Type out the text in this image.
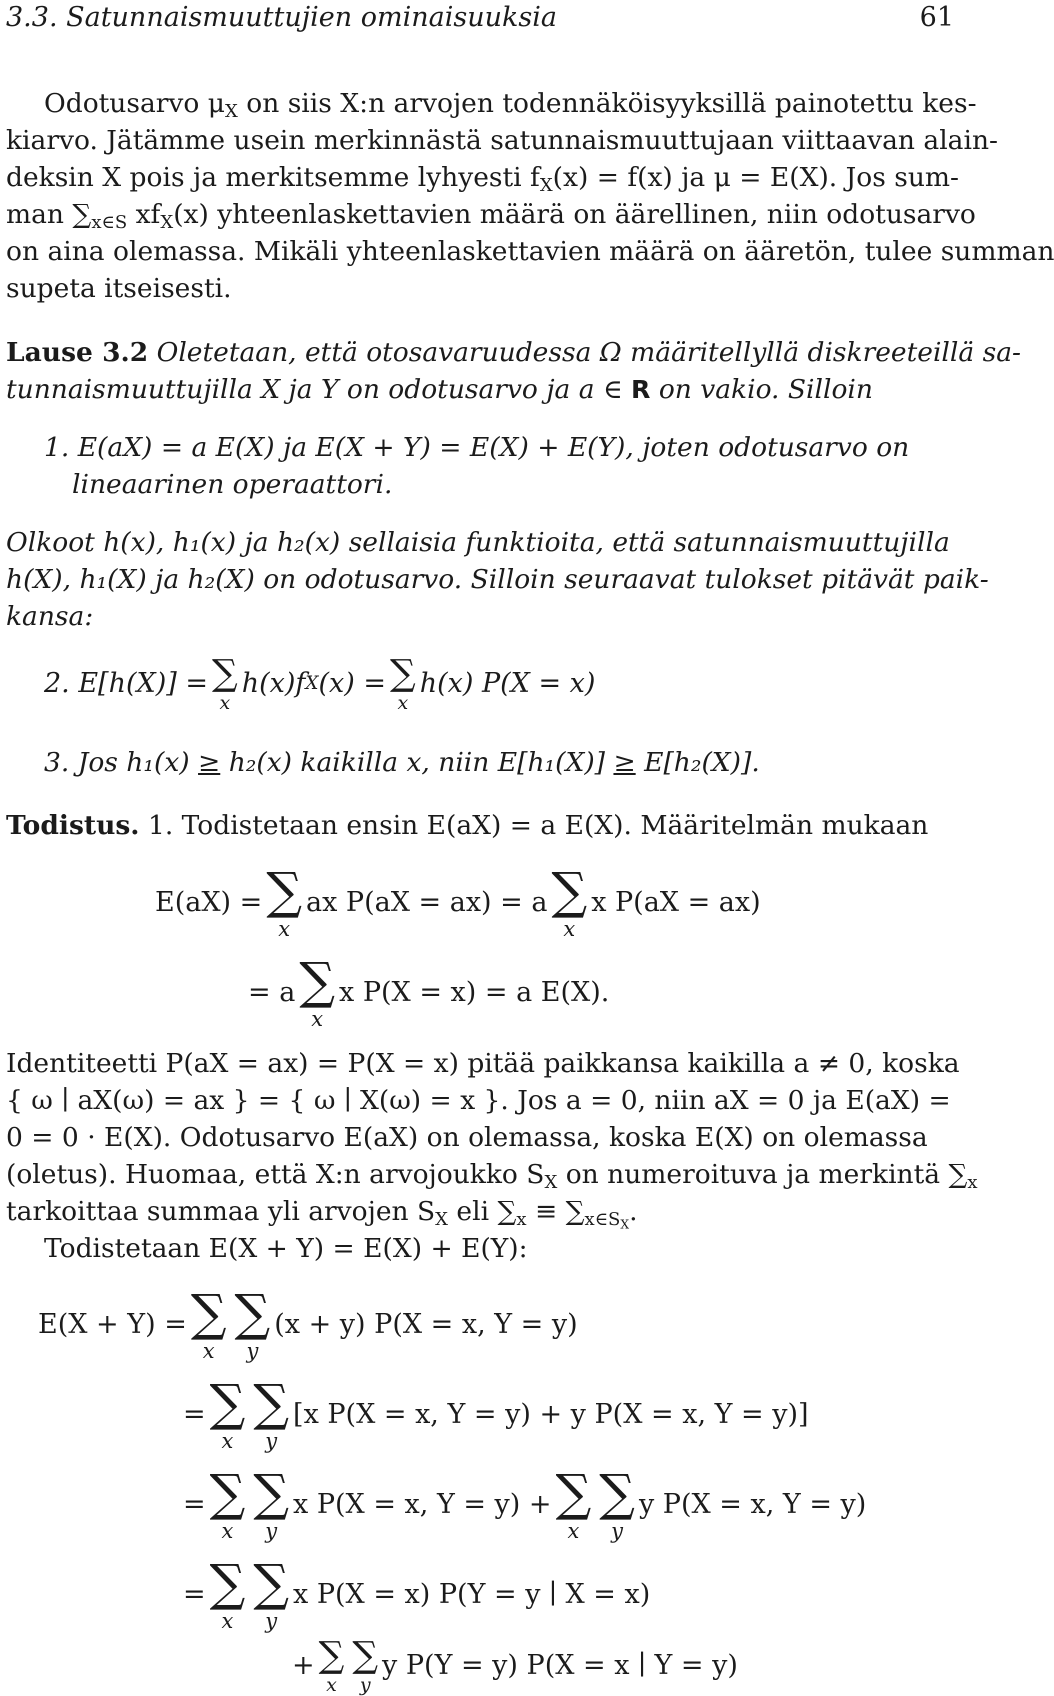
3.3. Satunnaismuuttujien ominaisuuksia	61
Odotusarvo $\mu_X$ on siis X:n arvojen todennäköisyyksillä painotettu kes-
kiarvo. Jätämme usein merkinnästä satunnaismuuttujaan viittaavan alain-
deksin X pois ja merkitsemme lyhyesti $f_X(x) = f(x)$ ja μ = E(X). Jos sum-
man $\sum_{x\in S}$ $xf_X(x)$ yhteenlaskettavien määrä on äärellinen, niin odotusarvo
on aina olemassa. Mikäli yhteenlaskettavien määrä on ääretön, tulee summan
supeta itseisesti.
Lause 3.2 Oletetaan, että otosavaruudessa Ω määritellyllä diskreeteillä sa-
tunnaismuuttujilla X ja Y on odotusarvo ja a ∈ R on vakio. Silloin
1. E(aX) = a E(X) ja E(X + Y) = E(X) + E(Y), joten odotusarvo on
lineaarinen operaattori.
Olkoot h(x), h₁(x) ja h₂(x) sellaisia funktioita, että satunnaismuuttujilla
h(X), h₁(X) ja h₂(X) on odotusarvo. Silloin seuraavat tulokset pitävät paik-
kansa:
2. E[h(X)] = ∑
x
h(x)f X (x) = ∑
x
h(x) P(X = x)
3. Jos h₁(x) ≥ h₂(x) kaikilla x, niin E[h₁(X)] ≥ E[h₂(X)].
Todistus. 1. Todistetaan ensin E(aX) = a E(X). Määritelmän mukaan
E(aX) = ∑
x
ax P(aX = ax) = a ∑
x
x P(aX = ax)
= a ∑
x
x P(X = x) = a E(X).
Identiteetti P(aX = ax) = P(X = x) pitää paikkansa kaikilla a ≠ 0, koska
{ ω ∣ aX(ω) = ax } = { ω ∣ X(ω) = x }. Jos a = 0, niin aX = 0 ja E(aX) =
0 = 0 · E(X). Odotusarvo E(aX) on olemassa, koska E(X) on olemassa
(oletus). Huomaa, että X:n arvojoukko $S_X$ on numeroituva ja merkintä $\sum_x$
tarkoittaa summaa yli arvojen $S_X$ eli $\sum_x \equiv \sum_{x\in S_X}$.
Todistetaan E(X + Y) = E(X) + E(Y):
E(X + Y) = ∑
x
∑
y
(x + y) P(X = x, Y = y)
= ∑
x
∑
y
[x P(X = x, Y = y) + y P(X = x, Y = y)]
= ∑
x
∑
y
x P(X = x, Y = y) + ∑
x
∑
y
y P(X = x, Y = y)
= ∑
x
∑
y
x P(X = x) P(Y = y ∣ X = x)
+ ∑
x
∑
y
y P(Y = y) P(X = x ∣ Y = y)
